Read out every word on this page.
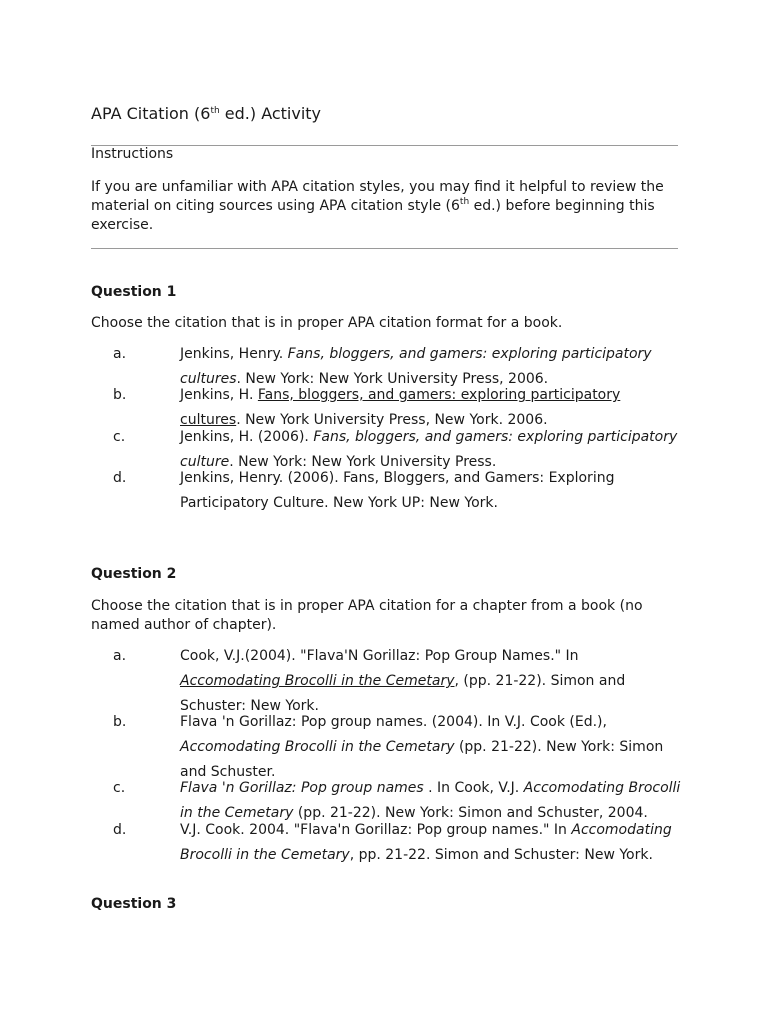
APA Citation (6th ed.) Activity
Instructions
If you are unfamiliar with APA citation styles, you may find it helpful to review the
material on citing sources using APA citation style (6th ed.) before beginning this
exercise.
Question 1
Choose the citation that is in proper APA citation format for a book.
a.	Jenkins, Henry. Fans, bloggers, and gamers: exploring participatory
cultures. New York: New York University Press, 2006.
b.	Jenkins, H. Fans, bloggers, and gamers: exploring participatory
cultures. New York University Press, New York. 2006.
c.	Jenkins, H. (2006). Fans, bloggers, and gamers: exploring participatory
culture. New York: New York University Press.
d.	Jenkins, Henry. (2006). Fans, Bloggers, and Gamers: Exploring
Participatory Culture. New York UP: New York.
Question 2
Choose the citation that is in proper APA citation for a chapter from a book (no
named author of chapter).
a.	Cook, V.J.(2004). "Flava'N Gorillaz: Pop Group Names." In
Accomodating Brocolli in the Cemetary, (pp. 21-22). Simon and
Schuster: New York.
b.	Flava 'n Gorillaz: Pop group names. (2004). In V.J. Cook (Ed.),
Accomodating Brocolli in the Cemetary (pp. 21-22). New York: Simon
and Schuster.
c.	Flava 'n Gorillaz: Pop group names . In Cook, V.J. Accomodating Brocolli
in the Cemetary (pp. 21-22). New York: Simon and Schuster, 2004.
d.	V.J. Cook. 2004. "Flava'n Gorillaz: Pop group names." In Accomodating
Brocolli in the Cemetary, pp. 21-22. Simon and Schuster: New York.
Question 3
